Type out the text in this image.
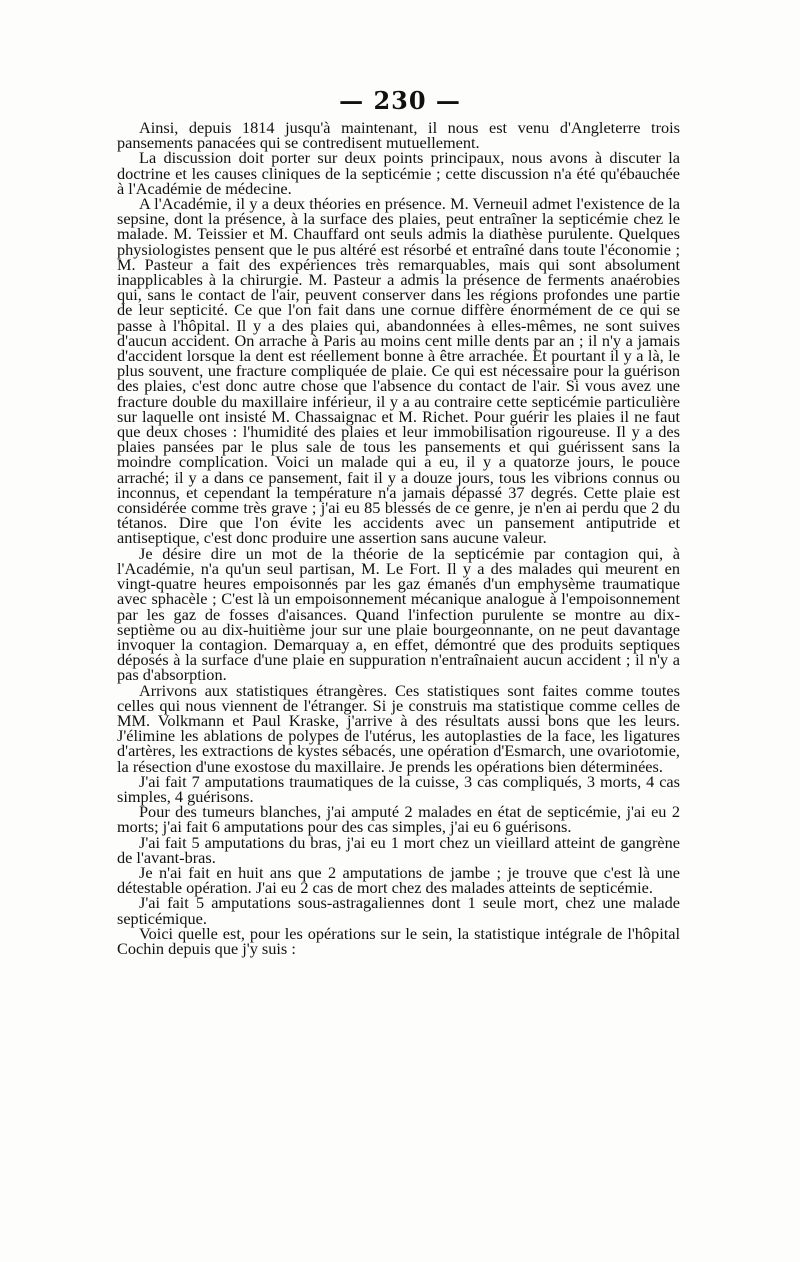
— 230 —

Ainsi, depuis 1814 jusqu'à maintenant, il nous est venu d'Angleterre trois pansements panacées qui se contredisent mutuellement.

La discussion doit porter sur deux points principaux, nous avons à discuter la doctrine et les causes cliniques de la septicémie ; cette discussion n'a été qu'ébauchée à l'Académie de médecine.

A l'Académie, il y a deux théories en présence. M. Verneuil admet l'existence de la sepsine, dont la présence, à la surface des plaies, peut entraîner la septicémie chez le malade. M. Teissier et M. Chauffard ont seuls admis la diathèse purulente. Quelques physiologistes pensent que le pus altéré est résorbé et entraîné dans toute l'économie ; M. Pasteur a fait des expériences très remarquables, mais qui sont absolument inapplicables à la chirurgie. M. Pasteur a admis la présence de ferments anaérobies qui, sans le contact de l'air, peuvent conserver dans les régions profondes une partie de leur septicité. Ce que l'on fait dans une cornue diffère énormément de ce qui se passe à l'hôpital. Il y a des plaies qui, abandonnées à elles-mêmes, ne sont suives d'aucun accident. On arrache à Paris au moins cent mille dents par an ; il n'y a jamais d'accident lorsque la dent est réellement bonne à être arrachée. Et pourtant il y a là, le plus souvent, une fracture compliquée de plaie. Ce qui est nécessaire pour la guérison des plaies, c'est donc autre chose que l'absence du contact de l'air. Si vous avez une fracture double du maxillaire inférieur, il y a au contraire cette septicémie particulière sur laquelle ont insisté M. Chassaignac et M. Richet. Pour guérir les plaies il ne faut que deux choses : l'humidité des plaies et leur immobilisation rigoureuse. Il y a des plaies pansées par le plus sale de tous les pansements et qui guérissent sans la moindre complication. Voici un malade qui a eu, il y a quatorze jours, le pouce arraché; il y a dans ce pansement, fait il y a douze jours, tous les vibrions connus ou inconnus, et cependant la température n'a jamais dépassé 37 degrés. Cette plaie est considérée comme très grave ; j'ai eu 85 blessés de ce genre, je n'en ai perdu que 2 du tétanos. Dire que l'on évite les accidents avec un pansement antiputride et antiseptique, c'est donc produire une assertion sans aucune valeur.

Je désire dire un mot de la théorie de la septicémie par contagion qui, à l'Académie, n'a qu'un seul partisan, M. Le Fort. Il y a des malades qui meurent en vingt-quatre heures empoisonnés par les gaz émanés d'un emphysème traumatique avec sphacèle ; C'est là un empoisonnement mécanique analogue à l'empoisonnement par les gaz de fosses d'aisances. Quand l'infection purulente se montre au dix-septième ou au dix-huitième jour sur une plaie bourgeonnante, on ne peut davantage invoquer la contagion. Demarquay a, en effet, démontré que des produits septiques déposés à la surface d'une plaie en suppuration n'entraînaient aucun accident ; il n'y a pas d'absorption.

Arrivons aux statistiques étrangères. Ces statistiques sont faites comme toutes celles qui nous viennent de l'étranger. Si je construis ma statistique comme celles de MM. Volkmann et Paul Kraske, j'arrive à des résultats aussi bons que les leurs. J'élimine les ablations de polypes de l'utérus, les autoplasties de la face, les ligatures d'artères, les extractions de kystes sébacés, une opération d'Esmarch, une ovariotomie, la résection d'une exostose du maxillaire. Je prends les opérations bien déterminées.

J'ai fait 7 amputations traumatiques de la cuisse, 3 cas compliqués, 3 morts, 4 cas simples, 4 guérisons.

Pour des tumeurs blanches, j'ai amputé 2 malades en état de septicémie, j'ai eu 2 morts; j'ai fait 6 amputations pour des cas simples, j'ai eu 6 guérisons.

J'ai fait 5 amputations du bras, j'ai eu 1 mort chez un vieillard atteint de gangrène de l'avant-bras.

Je n'ai fait en huit ans que 2 amputations de jambe ; je trouve que c'est là une détestable opération. J'ai eu 2 cas de mort chez des malades atteints de septicémie.

J'ai fait 5 amputations sous-astragaliennes dont 1 seule mort, chez une malade septicémique.

Voici quelle est, pour les opérations sur le sein, la statistique intégrale de l'hôpital Cochin depuis que j'y suis :
